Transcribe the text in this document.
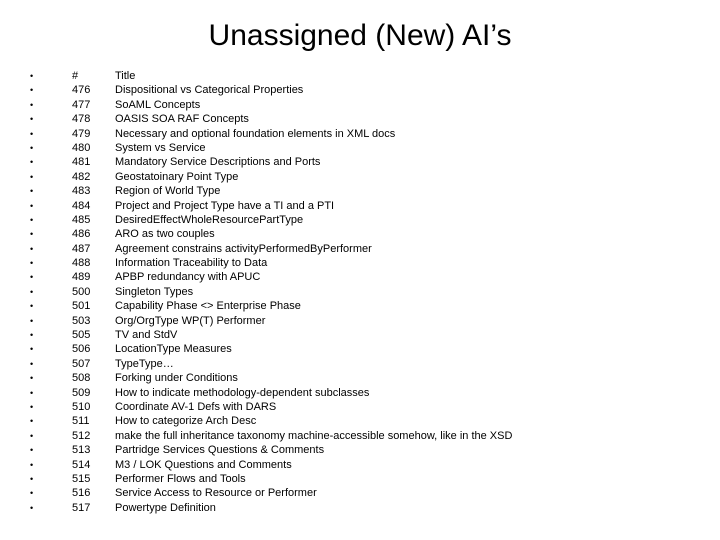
Unassigned (New) AI’s
•	#	Title
•	476	Dispositional vs Categorical Properties
•	477	SoAML Concepts
•	478	OASIS SOA RAF Concepts
•	479	Necessary and optional foundation elements in XML docs
•	480	System vs Service
•	481	Mandatory Service Descriptions and Ports
•	482	Geostatoinary Point Type
•	483	Region of World Type
•	484	Project and Project Type have a TI and a PTI
•	485	DesiredEffectWholeResourcePartType
•	486	ARO as two couples
•	487	Agreement constrains activityPerformedByPerformer
•	488	Information Traceability to Data
•	489	APBP redundancy with APUC
•	500	Singleton Types
•	501	Capability Phase <> Enterprise Phase
•	503	Org/OrgType WP(T) Performer
•	505	TV and StdV
•	506	LocationType Measures
•	507	TypeType…
•	508	Forking under Conditions
•	509	How to indicate methodology-dependent subclasses
•	510	Coordinate AV-1 Defs with DARS
•	511	How to categorize Arch Desc
•	512	make the full inheritance taxonomy machine-accessible somehow, like in the XSD
•	513	Partridge Services Questions & Comments
•	514	M3 / LOK Questions and Comments
•	515	Performer Flows and Tools
•	516	Service Access to Resource or Performer
•	517	Powertype Definition
